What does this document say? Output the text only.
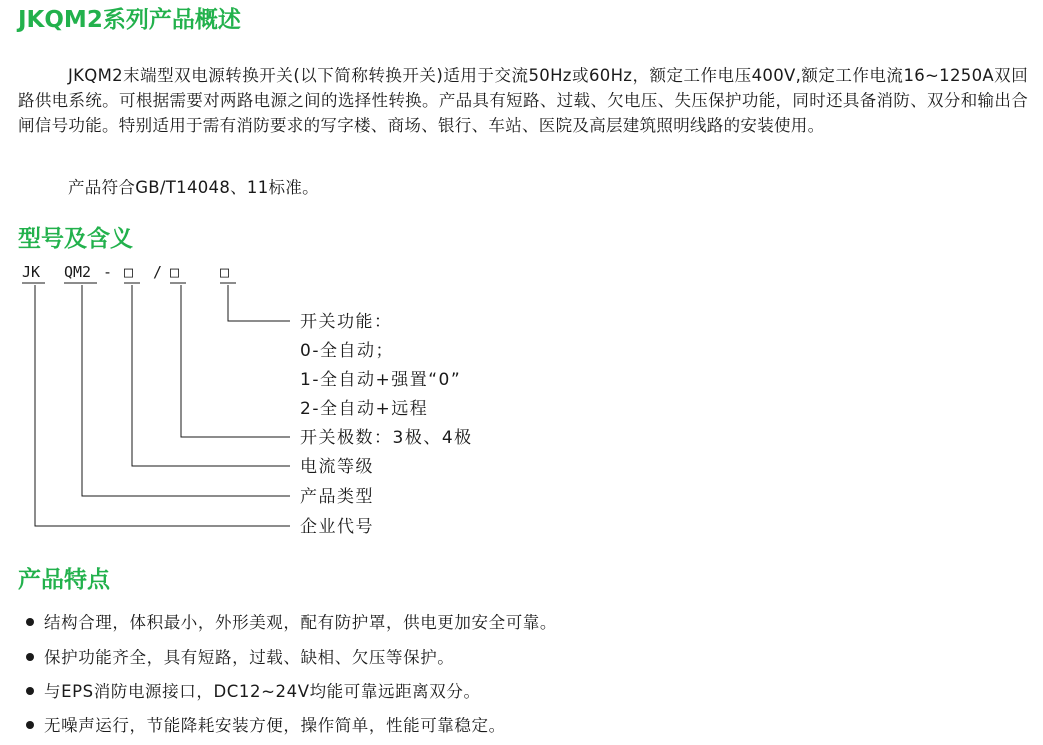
JKQM2系列产品概述

JKQM2末端型双电源转换开关(以下简称转换开关)适用于交流50Hz或60Hz，额定工作电压400V,额定工作电流16~1250A双回路供电系统。可根据需要对两路电源之间的选择性转换。产品具有短路、过载、欠电压、失压保护功能，同时还具备消防、双分和输出合闸信号功能。特别适用于需有消防要求的写字楼、商场、银行、车站、医院及高层建筑照明线路的安装使用。

产品符合GB/T14048、11标准。

型号及含义
JK QM2 - □ / □	□
开关功能：
0-全自动；
1-全自动+强置“0”
2-全自动+远程
开关极数：3极、4极
电流等级
产品类型
企业代号
产品特点

结构合理，体积最小，外形美观，配有防护罩，供电更加安全可靠。

保护功能齐全，具有短路，过载、缺相、欠压等保护。

与EPS消防电源接口，DC12~24V均能可靠远距离双分。

无噪声运行，节能降耗安装方便，操作简单，性能可靠稳定。
